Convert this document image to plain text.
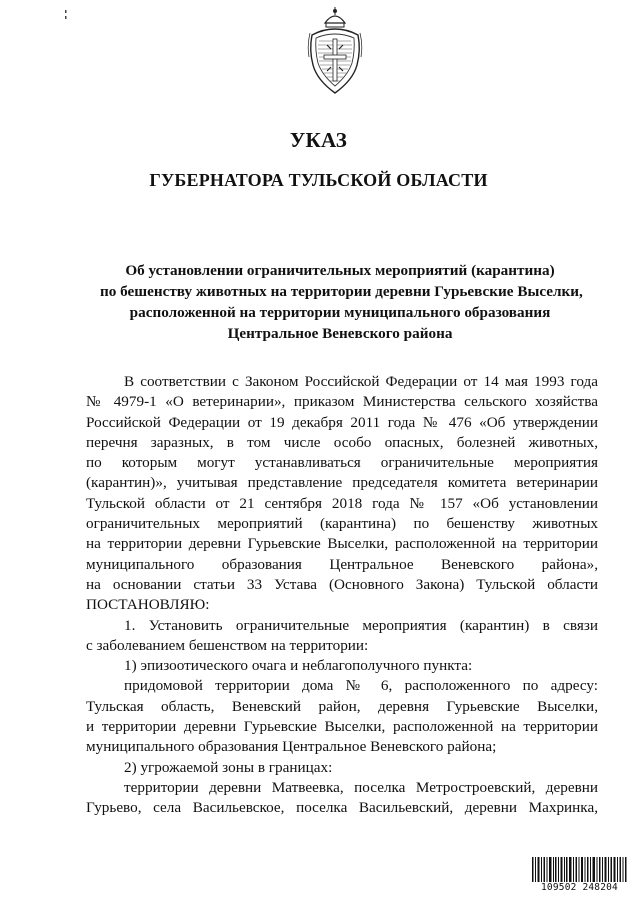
УКАЗ
ГУБЕРНАТОРА ТУЛЬСКОЙ ОБЛАСТИ
Об установлении ограничительных мероприятий (карантина)
по бешенству животных на территории деревни Гурьевские Выселки,
расположенной на территории муниципального образования
Центральное Веневского района
В соответствии с Законом Российской Федерации от 14 мая 1993 года
№ 4979-1 «О ветеринарии», приказом Министерства сельского хозяйства
Российской Федерации от 19 декабря 2011 года № 476 «Об утверждении
перечня заразных, в том числе особо опасных, болезней животных,
по которым могут устанавливаться ограничительные мероприятия
(карантин)», учитывая представление председателя комитета ветеринарии
Тульской области от 21 сентября 2018 года № 157 «Об установлении
ограничительных мероприятий (карантина) по бешенству животных
на территории деревни Гурьевские Выселки, расположенной на территории
муниципального образования Центральное Веневского района»,
на основании статьи 33 Устава (Основного Закона) Тульской области
ПОСТАНОВЛЯЮ:
1. Установить ограничительные мероприятия (карантин) в связи
с заболеванием бешенством на территории:
1) эпизоотического очага и неблагополучного пункта:
придомовой территории дома № 6, расположенного по адресу:
Тульская область, Веневский район, деревня Гурьевские Выселки,
и территории деревни Гурьевские Выселки, расположенной на территории
муниципального образования Центральное Веневского района;
2) угрожаемой зоны в границах:
территории деревни Матвеевка, поселка Метростроевский, деревни
Гурьево, села Васильевское, поселка Васильевский, деревни Махринка,
109502 248204
